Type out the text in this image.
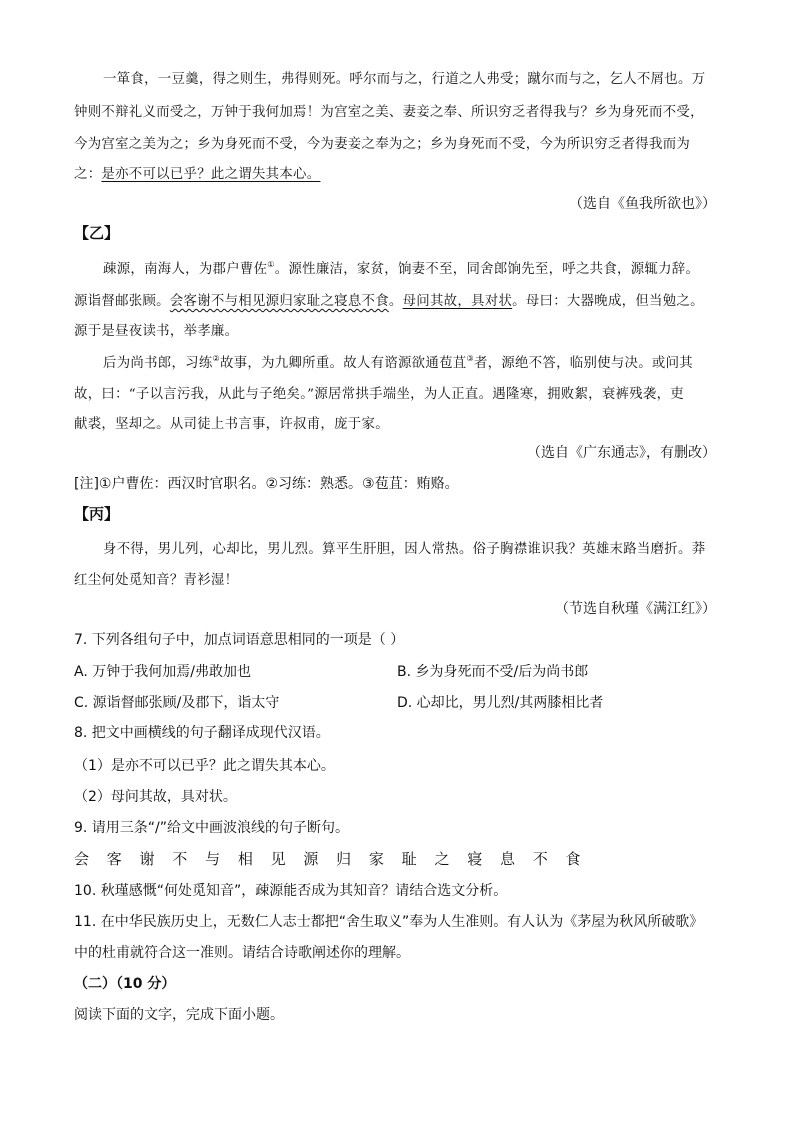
一箪食，一豆羹，得之则生，弗得则死。呼尔而与之，行道之人弗受；蹴尔而与之，乞人不屑也。万

钟则不辩礼义而受之，万钟于我何加焉！为宫室之美、妻妾之奉、所识穷乏者得我与？乡为身死而不受，

今为宫室之美为之；乡为身死而不受，今为妻妾之奉为之；乡为身死而不受，今为所识穷乏者得我而为

之：是亦不可以已乎？此之谓失其本心。

（选自《鱼我所欲也》）

【乙】

疎源，南海人，为郡户曹佐①。源性廉洁，家贫，饷妻不至，同舍郎饷先至，呼之共食，源辄力辞。

源诣督邮张顾。会客谢不与相见源归家耻之寝息不食。母问其故，具对状。母曰：大器晚成，但当勉之。

源于是昼夜读书，举孝廉。

后为尚书郎，习练②故事，为九卿所重。故人有谘源欲通苞苴③者，源绝不答，临别使与决。或问其

故，曰：“子以言污我，从此与子绝矣。”源居常拱手端坐，为人正直。遇隆寒，拥败絮，衰裤残袭，吏

献裘，坚却之。从司徒上书言事，许叔甫，庞于家。

（选自《广东通志》，有删改）

[注]①户曹佐：西汉时官职名。②习练：熟悉。③苞苴：贿赂。

【丙】

身不得，男儿列，心却比，男儿烈。算平生肝胆，因人常热。俗子胸襟谁识我？英雄末路当磨折。莽

红尘何处觅知音？青衫湿！

（节选自秋瑾《满江红》）

7. 下列各组句子中，加点词语意思相同的一项是（ ）

A. 万钟于我何加焉/弗敢加也	B. 乡为身死而不受/后为尚书郎

C. 源诣督邮张顾/及郡下，诣太守	D. 心却比，男儿烈/其两膝相比者

8. 把文中画横线的句子翻译成现代汉语。

（1）是亦不可以已乎？此之谓失其本心。

（2）母问其故，具对状。

9. 请用三条“/”给文中画波浪线的句子断句。

会 客 谢 不 与 相 见 源 归 家 耻 之 寝 息 不 食

10. 秋瑾感慨“何处觅知音”，疎源能否成为其知音？请结合选文分析。

11. 在中华民族历史上，无数仁人志士都把“舍生取义”奉为人生准则。有人认为《茅屋为秋风所破歌》

中的杜甫就符合这一准则。请结合诗歌阐述你的理解。

（二）（10 分）

阅读下面的文字，完成下面小题。
